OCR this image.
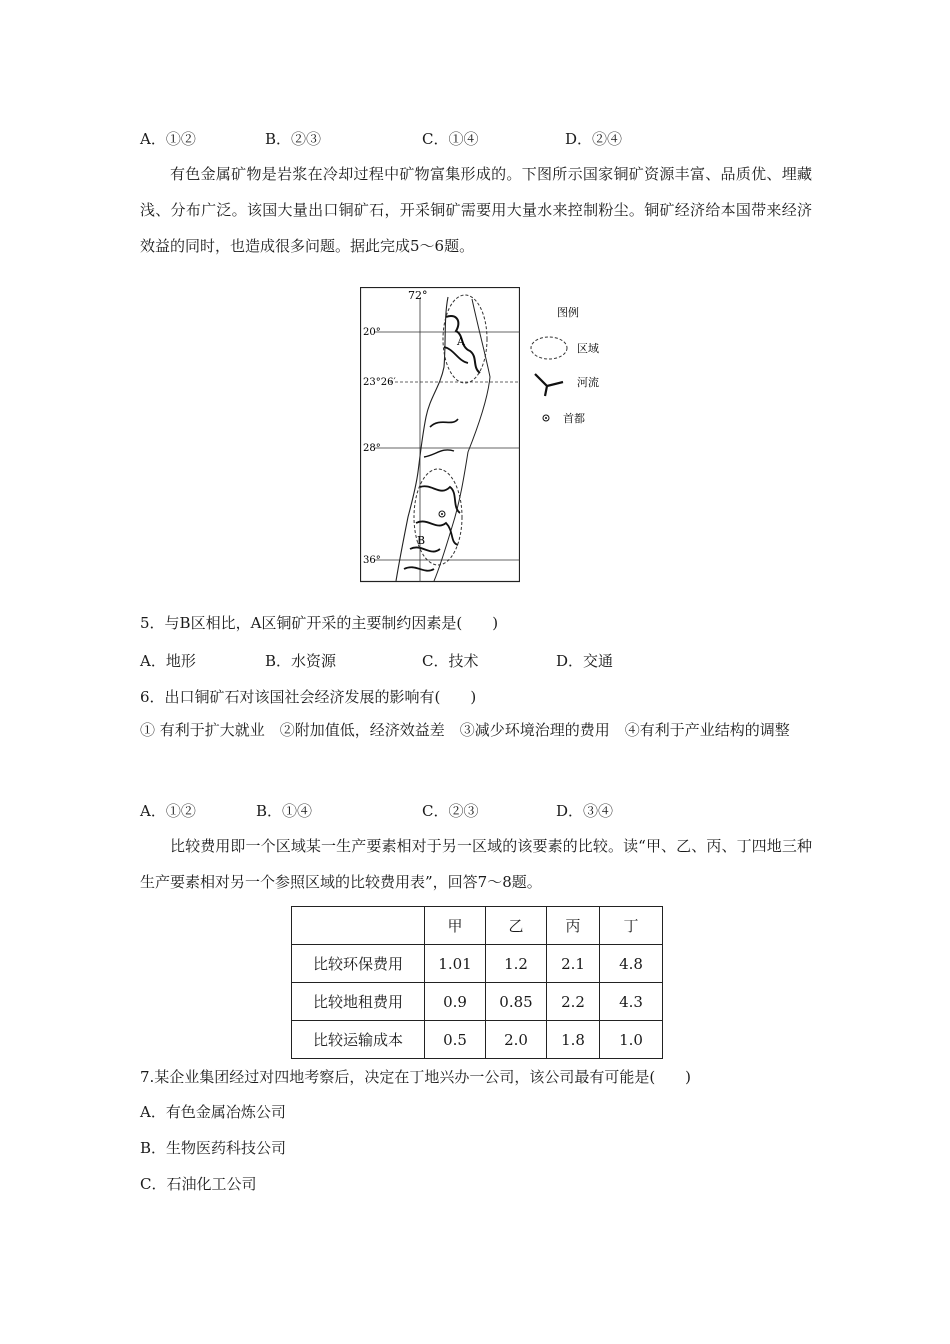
A．①②	B．②③	C．①④	D．②④
有色金属矿物是岩浆在冷却过程中矿物富集形成的。下图所示国家铜矿资源丰富、品质优、埋藏浅、分布广泛。该国大量出口铜矿石，开采铜矿需要用大量水来控制粉尘。铜矿经济给本国带来经济效益的同时，也造成很多问题。据此完成5～6题。
72°
20°
23°26′
28°
36°
A
B
图例
区域
河流
首都
5．与B区相比，A区铜矿开采的主要制约因素是(　　)
A．地形	B．水资源	C．技术	D．交通
6．出口铜矿石对该国社会经济发展的影响有(　　)
① 有利于扩大就业　②附加值低，经济效益差　③减少环境治理的费用　④有利于产业结构的调整
A．①②	B．①④	C．②③	D．③④
比较费用即一个区域某一生产要素相对于另一区域的该要素的比较。读“甲、乙、丙、丁四地三种生产要素相对另一个参照区域的比较费用表”，回答7～8题。
	甲	乙	丙	丁
比较环保费用	1.01	1.2	2.1	4.8
比较地租费用	0.9	0.85	2.2	4.3
比较运输成本	0.5	2.0	1.8	1.0
7.某企业集团经过对四地考察后，决定在丁地兴办一公司，该公司最有可能是(　　)
A．有色金属冶炼公司
B．生物医药科技公司
C．石油化工公司
